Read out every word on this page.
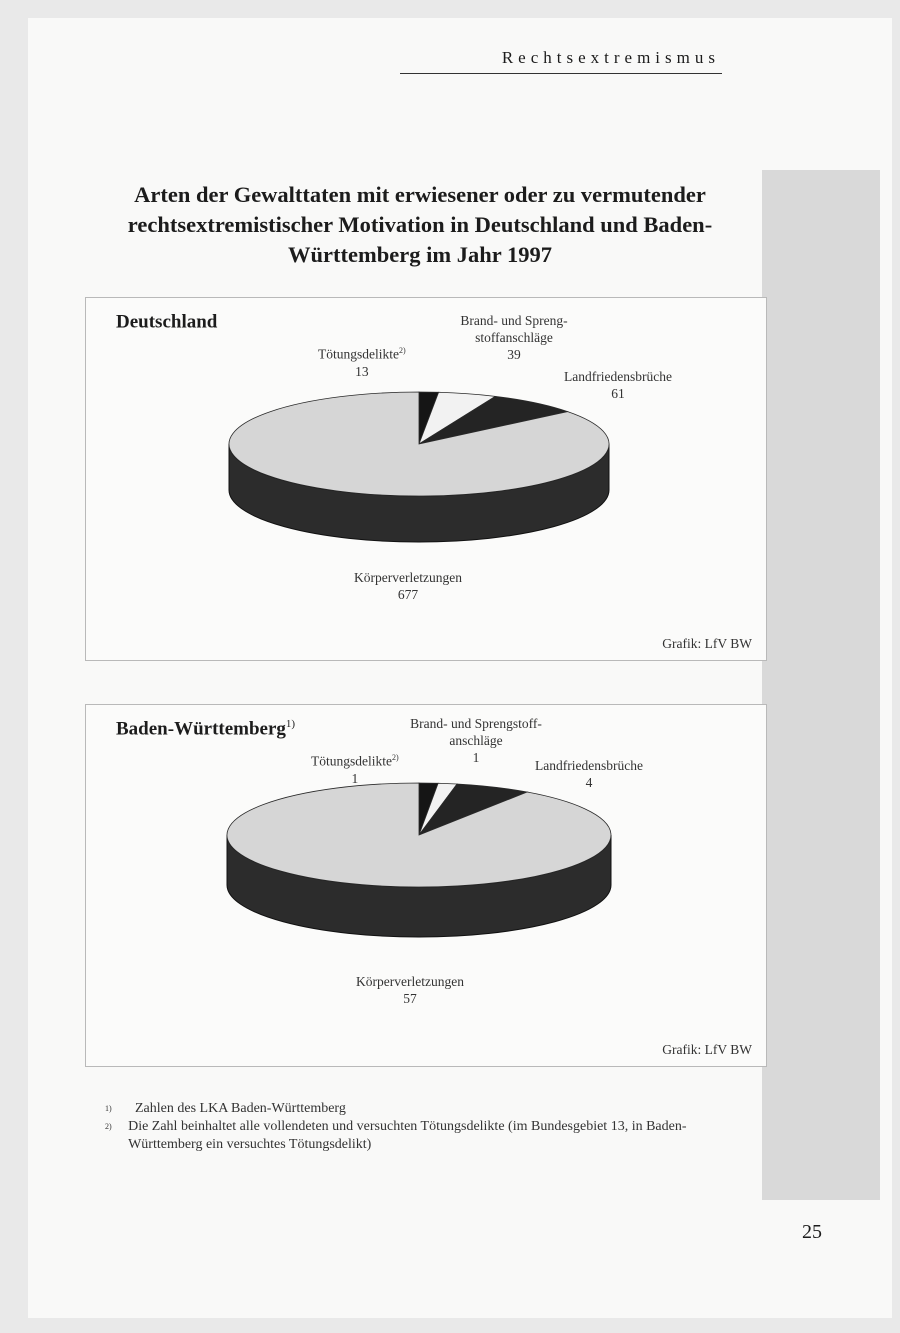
Rechtsextremismus
Arten der Gewalttaten mit erwiesener oder zu vermutender rechtsextremistischer Motivation in Deutschland und Baden-Württemberg im Jahr 1997
Deutschland
Tötungsdelikte$^{2)}$
13
Brand- und Spreng- stoffanschläge
39
Landfriedensbrüche
61
Körperverletzungen
677
Grafik: LfV BW
Baden-Württemberg$^{1)}$
Tötungsdelikte$^{2)}$
1
Brand- und Sprengstoff- anschläge
1
Landfriedensbrüche
4
Körperverletzungen
57
Grafik: LfV BW
1)	Zahlen des LKA Baden-Württemberg
2)	Die Zahl beinhaltet alle vollendeten und versuchten Tötungsdelikte (im Bundesgebiet 13, in Baden-Württemberg ein versuchtes Tötungsdelikt)
25
